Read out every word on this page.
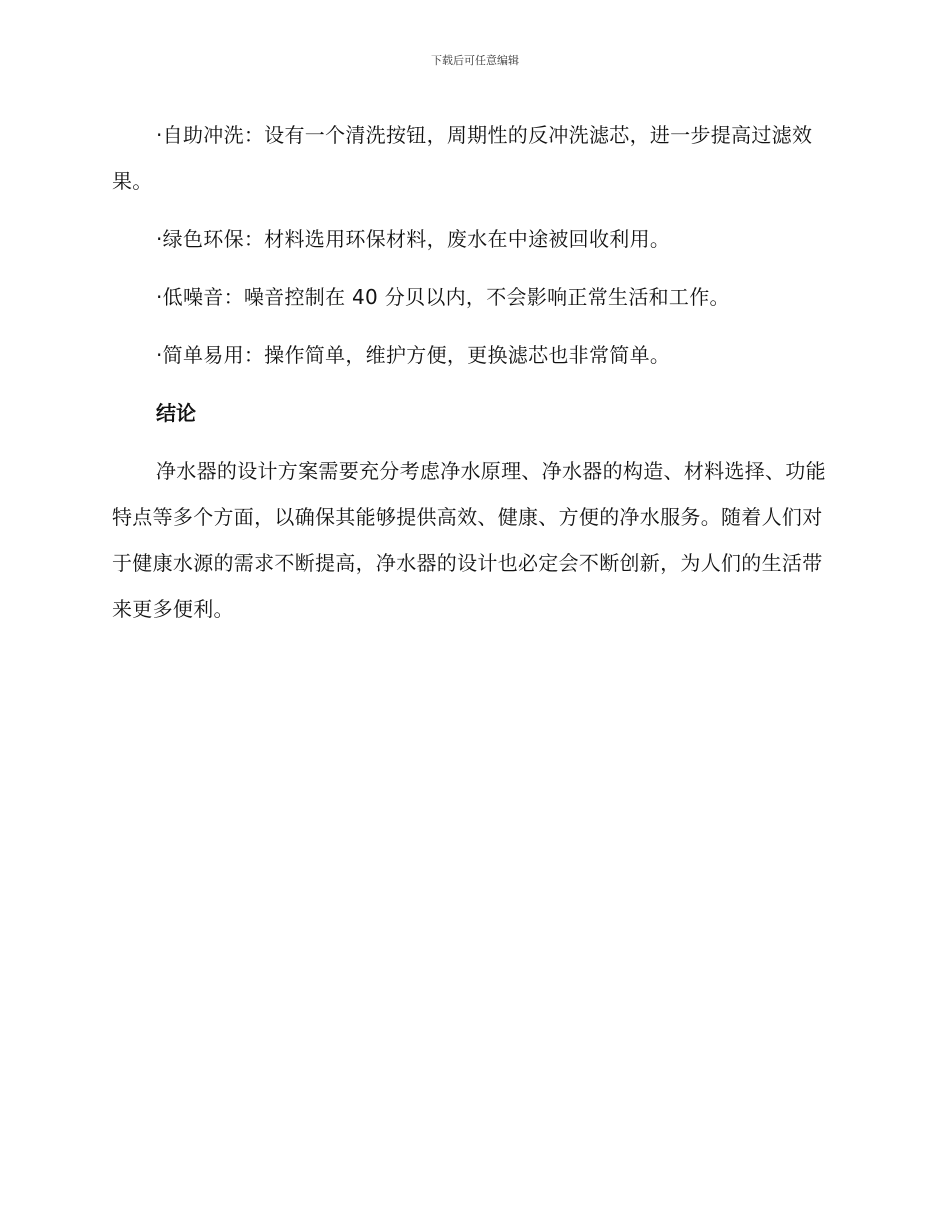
下载后可任意编辑

·自助冲洗：设有一个清洗按钮，周期性的反冲洗滤芯，进一步提高过滤效果。

·绿色环保：材料选用环保材料，废水在中途被回收利用。

·低噪音：噪音控制在 40 分贝以内，不会影响正常生活和工作。

·简单易用：操作简单，维护方便，更换滤芯也非常简单。

结论

净水器的设计方案需要充分考虑净水原理、净水器的构造、材料选择、功能特点等多个方面，以确保其能够提供高效、健康、方便的净水服务。随着人们对于健康水源的需求不断提高，净水器的设计也必定会不断创新，为人们的生活带来更多便利。
